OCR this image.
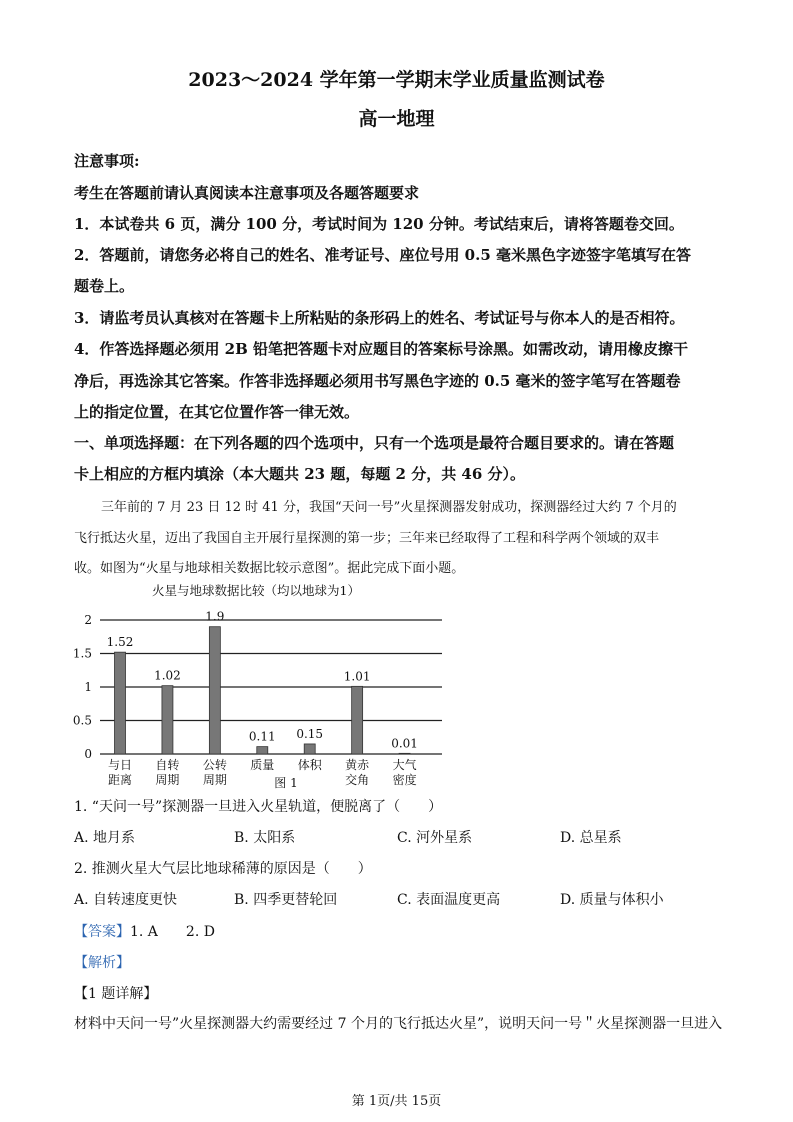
2023～2024 学年第一学期末学业质量监测试卷
高一地理
注意事项:
考生在答题前请认真阅读本注意事项及各题答题要求
1．本试卷共 6 页，满分 100 分，考试时间为 120 分钟。考试结束后，请将答题卷交回。
2．答题前，请您务必将自己的姓名、准考证号、座位号用 0.5 毫米黑色字迹签字笔填写在答
题卷上。
3．请监考员认真核对在答题卡上所粘贴的条形码上的姓名、考试证号与你本人的是否相符。
4．作答选择题必须用 2B 铅笔把答题卡对应题目的答案标号涂黑。如需改动，请用橡皮擦干
净后，再选涂其它答案。作答非选择题必须用书写黑色字迹的 0.5 毫米的签字笔写在答题卷
上的指定位置，在其它位置作答一律无效。
一、单项选择题：在下列各题的四个选项中，只有一个选项是最符合题目要求的。请在答题
卡上相应的方框内填涂（本大题共 23 题，每题 2 分，共 46 分）。
三年前的 7 月 23 日 12 时 41 分，我国“天问一号”火星探测器发射成功，探测器经过大约 7 个月的
飞行抵达火星，迈出了我国自主开展行星探测的第一步；三年来已经取得了工程和科学两个领域的双丰
收。如图为“火星与地球相关数据比较示意图”。据此完成下面小题。
火星与地球数据比较（均以地球为1）
0
0.5
1
1.5
2
1.52
与日
距离
1.02
自转
周期
1.9
公转
周期
0.11
质量
0.15
体积
1.01
黄赤
交角
0.01
大气
密度
图 1
1. “天问一号”探测器一旦进入火星轨道，便脱离了（　　）
A. 地月系	B. 太阳系	C. 河外星系	D. 总星系
2. 推测火星大气层比地球稀薄的原因是（　　）
A. 自转速度更快	B. 四季更替轮回	C. 表面温度更高	D. 质量与体积小
【答案】1. A　　2. D
【解析】
【1 题详解】
材料中天问一号”火星探测器大约需要经过 7 个月的飞行抵达火星”，说明天问一号＂火星探测器一旦进入
第 1页/共 15页
